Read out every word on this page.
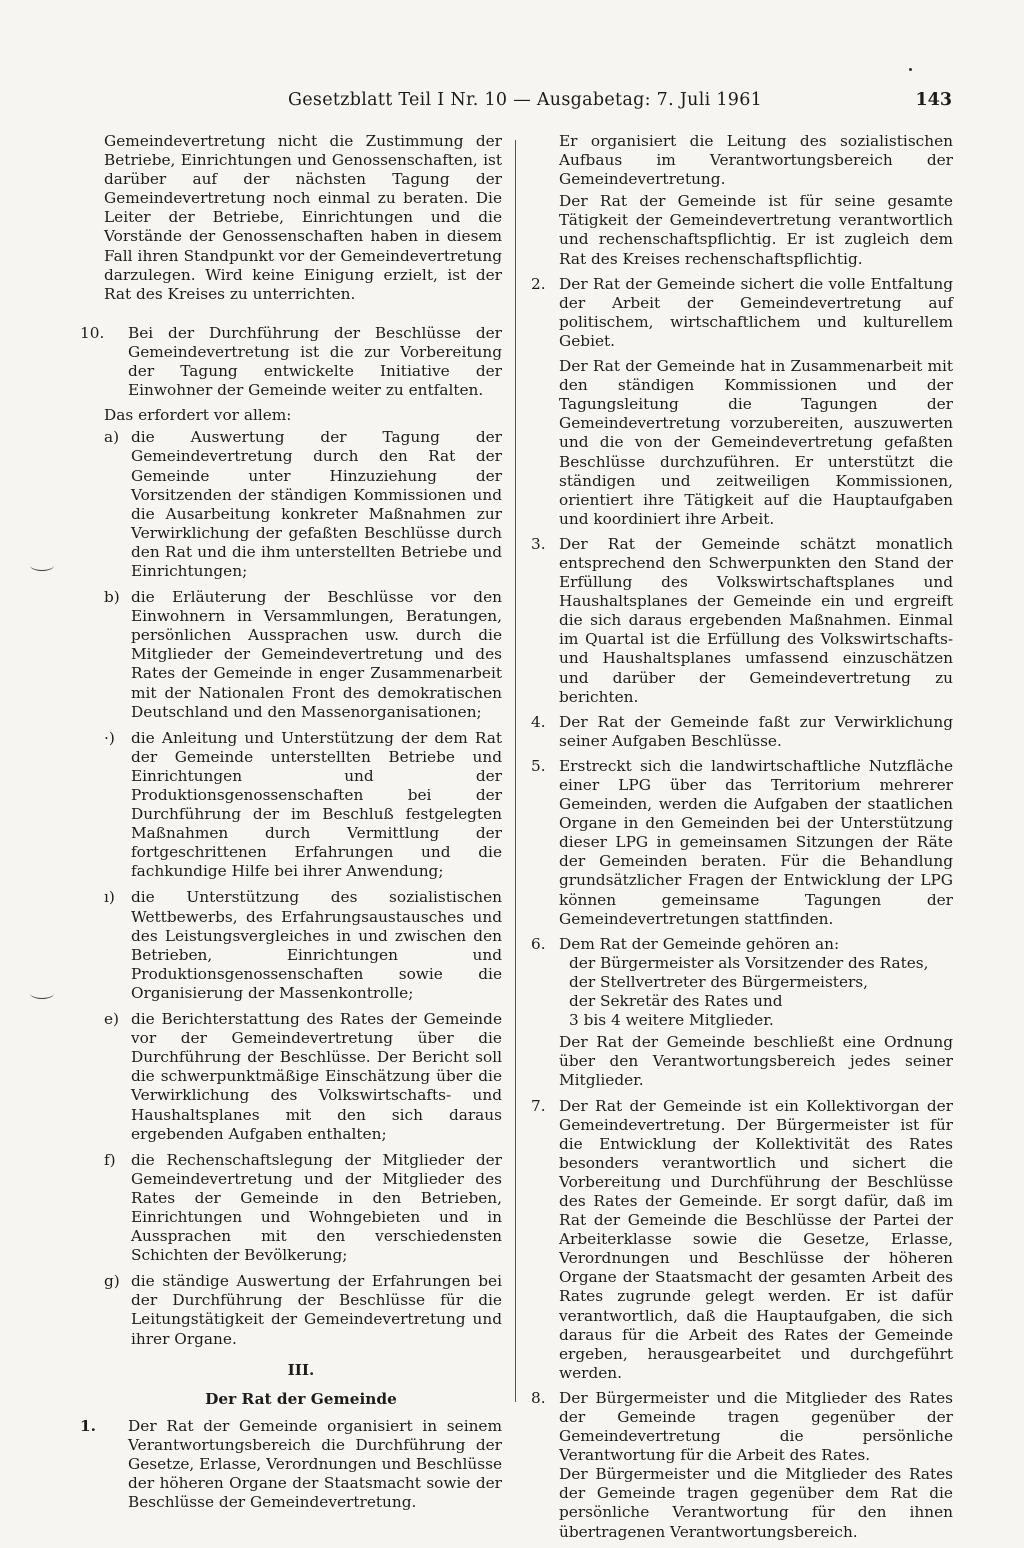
Gesetzblatt Teil I Nr. 10 — Ausgabetag: 7. Juli 1961	143

Gemeindevertretung nicht die Zustimmung der Betriebe, Einrichtungen und Genossenschaften, ist darüber auf der nächsten Tagung der Gemeindevertretung noch einmal zu beraten. Die Leiter der Betriebe, Einrichtungen und die Vorstände der Genossenschaften haben in diesem Fall ihren Standpunkt vor der Gemeindevertretung darzulegen. Wird keine Einigung erzielt, ist der Rat des Kreises zu unterrichten.

10.	Bei der Durchführung der Beschlüsse der Gemeindevertretung ist die zur Vorbereitung der Tagung entwickelte Initiative der Einwohner der Gemeinde weiter zu entfalten.

Das erfordert vor allem:

a) die Auswertung der Tagung der Gemeindevertretung durch den Rat der Gemeinde unter Hinzuziehung der Vorsitzenden der ständigen Kommissionen und die Ausarbeitung konkreter Maßnahmen zur Verwirklichung der gefaßten Beschlüsse durch den Rat und die ihm unterstellten Betriebe und Einrichtungen;

b) die Erläuterung der Beschlüsse vor den Einwohnern in Versammlungen, Beratungen, persönlichen Aussprachen usw. durch die Mitglieder der Gemeindevertretung und des Rates der Gemeinde in enger Zusammenarbeit mit der Nationalen Front des demokratischen Deutschland und den Massenorganisationen;

·) die Anleitung und Unterstützung der dem Rat der Gemeinde unterstellten Betriebe und Einrichtungen und der Produktionsgenossenschaften bei der Durchführung der im Beschluß festgelegten Maßnahmen durch Vermittlung der fortgeschrittenen Erfahrungen und die fachkundige Hilfe bei ihrer Anwendung;

ı) die Unterstützung des sozialistischen Wettbewerbs, des Erfahrungsaustausches und des Leistungsvergleiches in und zwischen den Betrieben, Einrichtungen und Produktionsgenossenschaften sowie die Organisierung der Massenkontrolle;

e) die Berichterstattung des Rates der Gemeinde vor der Gemeindevertretung über die Durchführung der Beschlüsse. Der Bericht soll die schwerpunktmäßige Einschätzung über die Verwirklichung des Volkswirtschafts- und Haushaltsplanes mit den sich daraus ergebenden Aufgaben enthalten;

f) die Rechenschaftslegung der Mitglieder der Gemeindevertretung und der Mitglieder des Rates der Gemeinde in den Betrieben, Einrichtungen und Wohngebieten und in Aussprachen mit den verschiedensten Schichten der Bevölkerung;

g) die ständige Auswertung der Erfahrungen bei der Durchführung der Beschlüsse für die Leitungstätigkeit der Gemeindevertretung und ihrer Organe.

III.

Der Rat der Gemeinde

1.	Der Rat der Gemeinde organisiert in seinem Verantwortungsbereich die Durchführung der Gesetze, Erlasse, Verordnungen und Beschlüsse der höheren Organe der Staatsmacht sowie der Beschlüsse der Gemeindevertretung.

Er organisiert die Leitung des sozialistischen Aufbaus im Verantwortungsbereich der Gemeindevertretung.

Der Rat der Gemeinde ist für seine gesamte Tätigkeit der Gemeindevertretung verantwortlich und rechenschaftspflichtig. Er ist zugleich dem Rat des Kreises rechenschaftspflichtig.

2. Der Rat der Gemeinde sichert die volle Entfaltung der Arbeit der Gemeindevertretung auf politischem, wirtschaftlichem und kulturellem Gebiet.

Der Rat der Gemeinde hat in Zusammenarbeit mit den ständigen Kommissionen und der Tagungsleitung die Tagungen der Gemeindevertretung vorzubereiten, auszuwerten und die von der Gemeindevertretung gefaßten Beschlüsse durchzuführen. Er unterstützt die ständigen und zeitweiligen Kommissionen, orientiert ihre Tätigkeit auf die Hauptaufgaben und koordiniert ihre Arbeit.

3. Der Rat der Gemeinde schätzt monatlich entsprechend den Schwerpunkten den Stand der Erfüllung des Volkswirtschaftsplanes und Haushaltsplanes der Gemeinde ein und ergreift die sich daraus ergebenden Maßnahmen. Einmal im Quartal ist die Erfüllung des Volkswirtschafts- und Haushaltsplanes umfassend einzuschätzen und darüber der Gemeindevertretung zu berichten.

4. Der Rat der Gemeinde faßt zur Verwirklichung seiner Aufgaben Beschlüsse.

5. Erstreckt sich die landwirtschaftliche Nutzfläche einer LPG über das Territorium mehrerer Gemeinden, werden die Aufgaben der staatlichen Organe in den Gemeinden bei der Unterstützung dieser LPG in gemeinsamen Sitzungen der Räte der Gemeinden beraten. Für die Behandlung grundsätzlicher Fragen der Entwicklung der LPG können gemeinsame Tagungen der Gemeindevertretungen stattfinden.

6. Dem Rat der Gemeinde gehören an:

der Bürgermeister als Vorsitzender des Rates,
der Stellvertreter des Bürgermeisters,
der Sekretär des Rates und
3 bis 4 weitere Mitglieder.

Der Rat der Gemeinde beschließt eine Ordnung über den Verantwortungsbereich jedes seiner Mitglieder.

7. Der Rat der Gemeinde ist ein Kollektivorgan der Gemeindevertretung. Der Bürgermeister ist für die Entwicklung der Kollektivität des Rates besonders verantwortlich und sichert die Vorbereitung und Durchführung der Beschlüsse des Rates der Gemeinde. Er sorgt dafür, daß im Rat der Gemeinde die Beschlüsse der Partei der Arbeiterklasse sowie die Gesetze, Erlasse, Verordnungen und Beschlüsse der höheren Organe der Staatsmacht der gesamten Arbeit des Rates zugrunde gelegt werden. Er ist dafür verantwortlich, daß die Hauptaufgaben, die sich daraus für die Arbeit des Rates der Gemeinde ergeben, herausgearbeitet und durchgeführt werden.

8. Der Bürgermeister und die Mitglieder des Rates der Gemeinde tragen gegenüber der Gemeindevertretung die persönliche Verantwortung für die Arbeit des Rates.

Der Bürgermeister und die Mitglieder des Rates der Gemeinde tragen gegenüber dem Rat die persönliche Verantwortung für den ihnen übertragenen Verantwortungsbereich.
